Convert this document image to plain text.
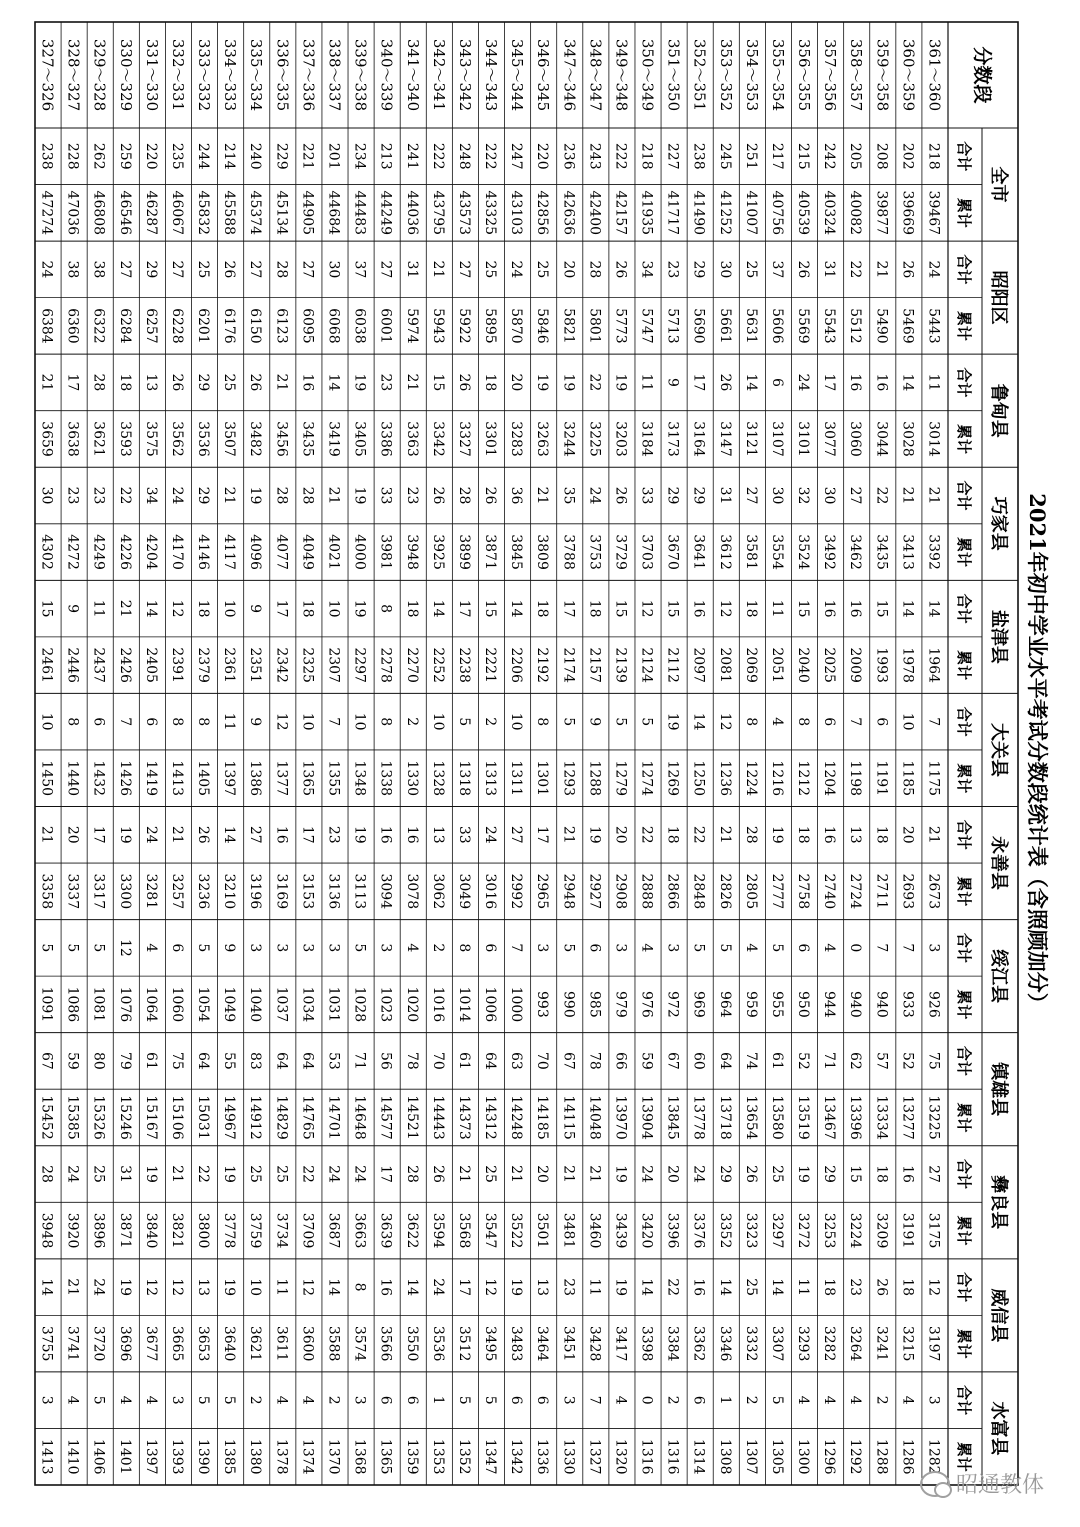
2021年初中学业水平考试分数段统计表（含照顾加分）
分数段
全市
合计
累计
昭阳区
合计
累计
鲁甸县
合计
累计
巧家县
合计
累计
盐津县
合计
累计
大关县
合计
累计
永善县
合计
累计
绥江县
合计
累计
镇雄县
合计
累计
彝良县
合计
累计
威信县
合计
累计
水富县
合计
累计
361～360
218
39467
24
5443
11
3014
21
3392
14
1964
7
1175
21
2673
3
926
75
13225
27
3175
12
3197
3
1282
360～359
202
39669
26
5469
14
3028
21
3413
14
1978
10
1185
20
2693
7
933
52
13277
16
3191
18
3215
4
1286
359～358
208
39877
21
5490
16
3044
22
3435
15
1993
6
1191
18
2711
7
940
57
13334
18
3209
26
3241
2
1288
358～357
205
40082
22
5512
16
3060
27
3462
16
2009
7
1198
13
2724
0
940
62
13396
15
3224
23
3264
4
1292
357～356
242
40324
31
5543
17
3077
30
3492
16
2025
6
1204
16
2740
4
944
71
13467
29
3253
18
3282
4
1296
356～355
215
40539
26
5569
24
3101
32
3524
15
2040
8
1212
18
2758
6
950
52
13519
19
3272
11
3293
4
1300
355～354
217
40756
37
5606
6
3107
30
3554
11
2051
4
1216
19
2777
5
955
61
13580
25
3297
14
3307
5
1305
354～353
251
41007
25
5631
14
3121
27
3581
18
2069
8
1224
28
2805
4
959
74
13654
26
3323
25
3332
2
1307
353～352
245
41252
30
5661
26
3147
31
3612
12
2081
12
1236
21
2826
5
964
64
13718
29
3352
14
3346
1
1308
352～351
238
41490
29
5690
17
3164
29
3641
16
2097
14
1250
22
2848
5
969
60
13778
24
3376
16
3362
6
1314
351～350
227
41717
23
5713
9
3173
29
3670
15
2112
19
1269
18
2866
3
972
67
13845
20
3396
22
3384
2
1316
350～349
218
41935
34
5747
11
3184
33
3703
12
2124
5
1274
22
2888
4
976
59
13904
24
3420
14
3398
0
1316
349～348
222
42157
26
5773
19
3203
26
3729
15
2139
5
1279
20
2908
3
979
66
13970
19
3439
19
3417
4
1320
348～347
243
42400
28
5801
22
3225
24
3753
18
2157
9
1288
19
2927
6
985
78
14048
21
3460
11
3428
7
1327
347～346
236
42636
20
5821
19
3244
35
3788
17
2174
5
1293
21
2948
5
990
67
14115
21
3481
23
3451
3
1330
346～345
220
42856
25
5846
19
3263
21
3809
18
2192
8
1301
17
2965
3
993
70
14185
20
3501
13
3464
6
1336
345～344
247
43103
24
5870
20
3283
36
3845
14
2206
10
1311
27
2992
7
1000
63
14248
21
3522
19
3483
6
1342
344～343
222
43325
25
5895
18
3301
26
3871
15
2221
2
1313
24
3016
6
1006
64
14312
25
3547
12
3495
5
1347
343～342
248
43573
27
5922
26
3327
28
3899
17
2238
5
1318
33
3049
8
1014
61
14373
21
3568
17
3512
5
1352
342～341
222
43795
21
5943
15
3342
26
3925
14
2252
10
1328
13
3062
2
1016
70
14443
26
3594
24
3536
1
1353
341～340
241
44036
31
5974
21
3363
23
3948
18
2270
2
1330
16
3078
4
1020
78
14521
28
3622
14
3550
6
1359
340～339
213
44249
27
6001
23
3386
33
3981
8
2278
8
1338
16
3094
3
1023
56
14577
17
3639
16
3566
6
1365
339～338
234
44483
37
6038
19
3405
19
4000
19
2297
10
1348
19
3113
5
1028
71
14648
24
3663
8
3574
3
1368
338～337
201
44684
30
6068
14
3419
21
4021
10
2307
7
1355
23
3136
3
1031
53
14701
24
3687
14
3588
2
1370
337～336
221
44905
27
6095
16
3435
28
4049
18
2325
10
1365
17
3153
3
1034
64
14765
22
3709
12
3600
4
1374
336～335
229
45134
28
6123
21
3456
28
4077
17
2342
12
1377
16
3169
3
1037
64
14829
25
3734
11
3611
4
1378
335～334
240
45374
27
6150
26
3482
19
4096
9
2351
9
1386
27
3196
3
1040
83
14912
25
3759
10
3621
2
1380
334～333
214
45588
26
6176
25
3507
21
4117
10
2361
11
1397
14
3210
9
1049
55
14967
19
3778
19
3640
5
1385
333～332
244
45832
25
6201
29
3536
29
4146
18
2379
8
1405
26
3236
5
1054
64
15031
22
3800
13
3653
5
1390
332～331
235
46067
27
6228
26
3562
24
4170
12
2391
8
1413
21
3257
6
1060
75
15106
21
3821
12
3665
3
1393
331～330
220
46287
29
6257
13
3575
34
4204
14
2405
6
1419
24
3281
4
1064
61
15167
19
3840
12
3677
4
1397
330～329
259
46546
27
6284
18
3593
22
4226
21
2426
7
1426
19
3300
12
1076
79
15246
31
3871
19
3696
4
1401
329～328
262
46808
38
6322
28
3621
23
4249
11
2437
6
1432
17
3317
5
1081
80
15326
25
3896
24
3720
5
1406
328～327
228
47036
38
6360
17
3638
23
4272
9
2446
8
1440
20
3337
5
1086
59
15385
24
3920
21
3741
4
1410
327～326
238
47274
24
6384
21
3659
30
4302
15
2461
10
1450
21
3358
5
1091
67
15452
28
3948
14
3755
3
1413
昭通教体
